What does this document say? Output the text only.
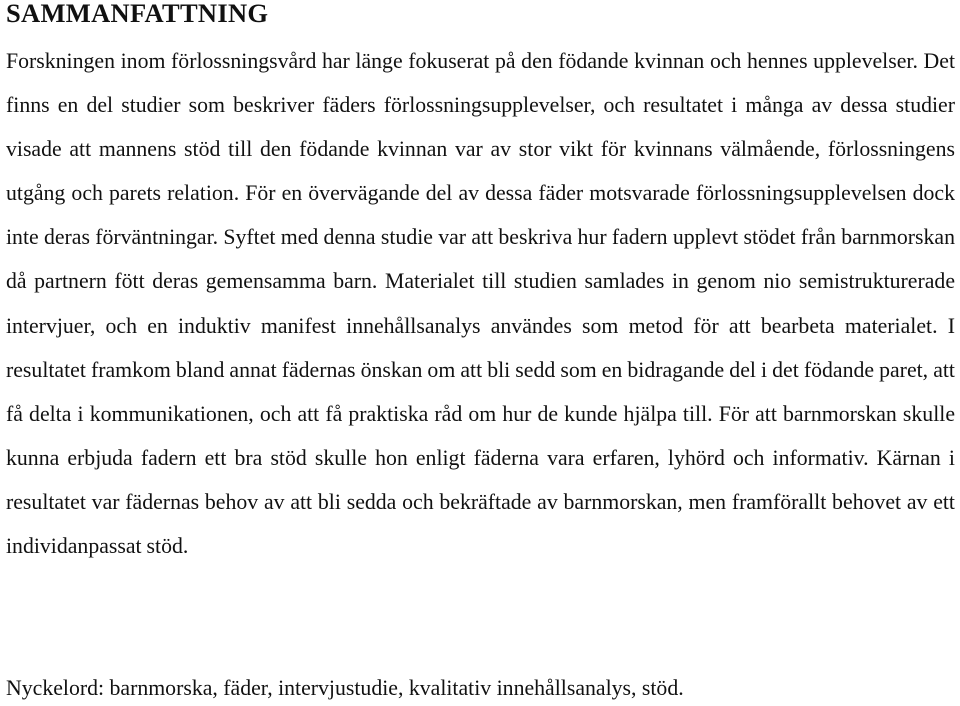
SAMMANFATTNING

Forskningen inom förlossningsvård har länge fokuserat på den födande kvinnan och hennes upplevelser. Det finns en del studier som beskriver fäders förlossningsupplevelser, och resultatet i många av dessa studier visade att mannens stöd till den födande kvinnan var av stor vikt för kvinnans välmående, förlossningens utgång och parets relation. För en övervägande del av dessa fäder motsvarade förlossningsupplevelsen dock inte deras förväntningar. Syftet med denna studie var att beskriva hur fadern upplevt stödet från barnmorskan då partnern fött deras gemensamma barn. Materialet till studien samlades in genom nio semistrukturerade intervjuer, och en induktiv manifest innehållsanalys användes som metod för att bearbeta materialet. I resultatet framkom bland annat fädernas önskan om att bli sedd som en bidragande del i det födande paret, att få delta i kommunikationen, och att få praktiska råd om hur de kunde hjälpa till. För att barnmorskan skulle kunna erbjuda fadern ett bra stöd skulle hon enligt fäderna vara erfaren, lyhörd och informativ. Kärnan i resultatet var fädernas behov av att bli sedda och bekräftade av barnmorskan, men framförallt behovet av ett individanpassat stöd.

Nyckelord: barnmorska, fäder, intervjustudie, kvalitativ innehållsanalys, stöd.
